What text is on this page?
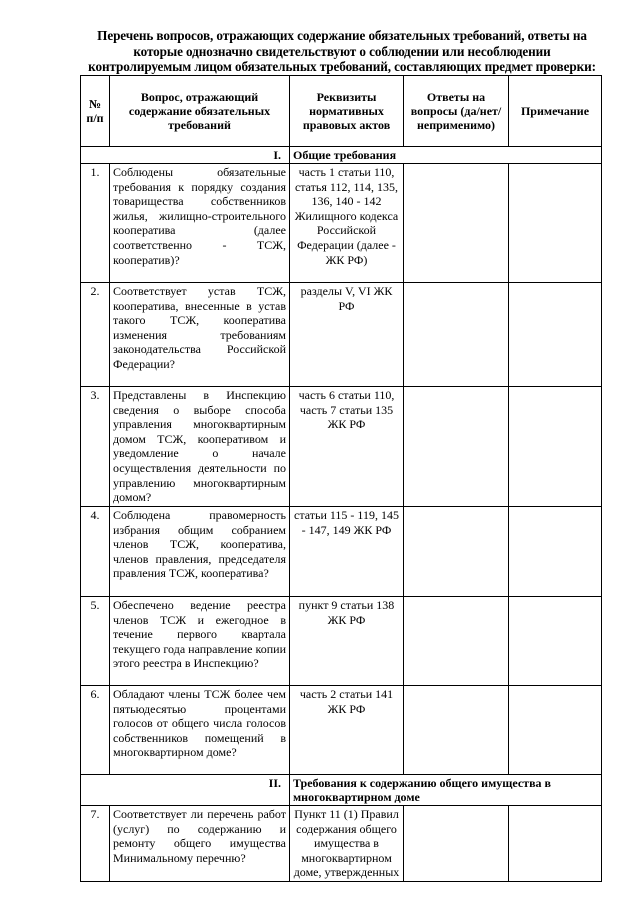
Перечень вопросов, отражающих содержание обязательных требований, ответы на которые однозначно свидетельствуют о соблюдении или несоблюдении контролируемым лицом обязательных требований, составляющих предмет проверки:
№ п/п	Вопрос, отражающий содержание обязательных требований	Реквизиты нормативных правовых актов	Ответы на вопросы (да/нет/неприменимо)	Примечание
I.		Общие требования		
1.	Соблюдены обязательные требования к порядку создания товарищества собственников жилья, жилищно-строительного кооператива (далее соответственно - ТСЖ, кооператив)?	часть 1 статьи 110, статья 112, 114, 135, 136, 140 - 142 Жилищного кодекса Российской Федерации (далее - ЖК РФ)		
2.	Соответствует устав ТСЖ, кооператива, внесенные в устав такого ТСЖ, кооператива изменения требованиям законодательства Российской Федерации?	разделы V, VI ЖК РФ		
3.	Представлены в Инспекцию сведения о выборе способа управления многоквартирным домом ТСЖ, кооперативом и уведомление о начале осуществления деятельности по управлению многоквартирным домом?	часть 6 статьи 110, часть 7 статьи 135 ЖК РФ		
4.	Соблюдена правомерность избрания общим собранием членов ТСЖ, кооператива, членов правления, председателя правления ТСЖ, кооператива?	статьи 115 - 119, 145 - 147, 149 ЖК РФ		
5.	Обеспечено ведение реестра членов ТСЖ и ежегодное в течение первого квартала текущего года направление копии этого реестра в Инспекцию?	пункт 9 статьи 138 ЖК РФ		
6.	Обладают члены ТСЖ более чем пятьюдесятью процентами голосов от общего числа голосов собственников помещений в многоквартирном доме?	часть 2 статьи 141 ЖК РФ		
II.		Требования к содержанию общего имущества в многоквартирном доме		
7.	Соответствует ли перечень работ (услуг) по содержанию и ремонту общего имущества Минимальному перечню?	Пункт 11 (1) Правил содержания общего имущества в многоквартирном доме, утвержденных		
